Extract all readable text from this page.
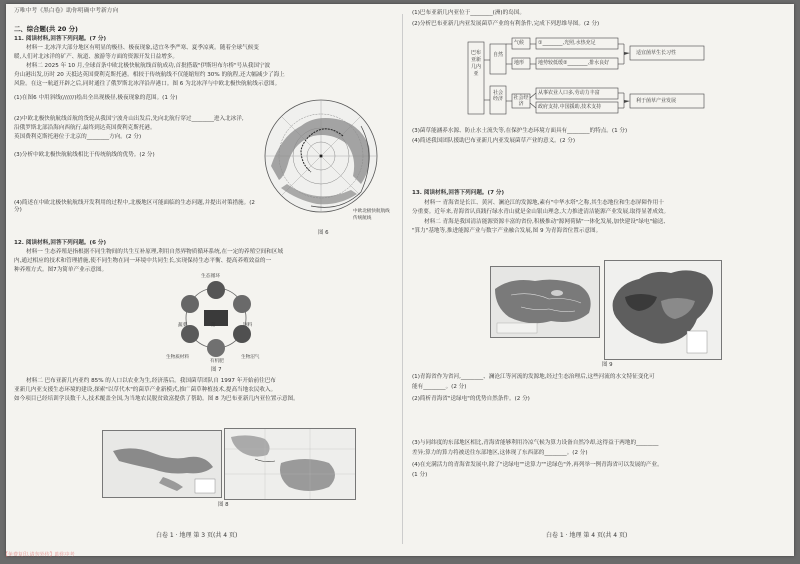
万唯中考《黑白卷》助你明确中考新方向
二、综合题(共 20 分)
11. 阅读材料,回答下列问题。(7 分)
材料一 北冰洋大部分地区有明显的极昼、极夜现象,适宜冬季严寒、夏季凉爽。随着全球气候变
暖,人们对北冰洋的矿产、航道、旅游等方面的资源开发日益增多。
材料二 2025 年 10 月,全球首条中欧北极快航航线首航成功,首批搭载"伊斯坦布尔桥"号从我国宁波
舟山港出发,历时 20 天抵达英国费利克斯托港。相较于传统航线不仅能缩短约 30% 的航程,还大幅减少了海上
风险。在这一航道开辟之后,同时通往了俄罗斯北冰洋沿岸港口。图 6 为北冰洋与中欧北极快航航线示意图。
(1)在图6 中用斜线(//////)绘出全出现极昼,极夜现象的范围。(1 分)
(2)中欧北极快航航线首航的货轮从我国宁波舟山出发后,先向北航行穿过________进入北冰洋,
沿俄罗斯北部沿海向西航行,最终到达英国费利克斯托港。
英国费利克斯托港位于北京的________方向。(2 分)
(3)分析中欧北极快航航线相比于传统航线的优势。(2 分)
(4)简述在中欧北极快航航线开发利用的过程中,北极地区可能面临的生态问题,并提出对策措施。(2 分)	中欧北极快航航线
传统航线
图 6
12. 阅读材料,回答下列问题。(6 分)
材料一 生态养殖是指根据不同生物间的共生互补原理,利用自然界物质循环系统,在一定的养殖空间和区域
内,通过相应的技术和管理措施,使不同生物在同一环境中共同生长,实现保持生态平衡、提高养殖效益的一
种养殖方式。图7为简单产业示意图。
生态循环
蔬菜	猪	饲料
生物质材料
有机肥
生物沼气
图 7
材料二 巴布亚新几内亚约 85% 的人口以农业为生,经济落后。我国菌草团队自 1997 年开始前往巴布
亚新几内亚支援生态环境的建设,探索"以草代木"的菌草产业新模式,推广菌草种植技术,提高当地农民收入。
如今项目已经培训学员数千人,技术覆盖全国,为当地农民脱贫致富提供了帮助。图 8 为巴布亚新几内亚位置示意图。
图 8
白卷 1 · 地理 第 3 页(共 4 页)
(1)巴布亚新几内亚位于________(洲)的岛国。
(2)分析巴布亚新几内亚发展菌草产业的有利条件,完成下列思维导图。(2 分)
巴布亚新几内亚
自然
社会经济
气候
地形
社会经济
①________,光照,水热充足
地势较低缓②________,排水良好
从事农业人口多,劳动力丰富
政府支持,中国援助,技术支持
适宜菌草生长习性
利于菌草产业发展
(3)菌草能涵养水源、防止水土流失等,在保护生态环境方面具有________的特点。(1 分)
(4)简述我国团队援助巴布亚新几内亚发展菌草产业的意义。(2 分)
13. 阅读材料,回答下列问题。(7 分)
材料一 青海省是长江、黄河、澜沧江的发源地,素有"中华水塔"之称,其生态地位和生态屏障作用十
分重要。近年来,青海省认真践行绿水青山就是金山银山理念,大力推进清洁能源产业发展,取得显著成效。
材料二 青海是我国清洁能源资源丰富的省份,积极推动"源网荷储"一体化发展,加快建设"绿电"输送、
"算力"基地等,推进能源产业与数字产业融合发展,图 9 为青海省位置示意图。
图 9
(1)青海省作为省河,________、澜沧江等河流的发源地,经过生态治理后,这些河流的水文特征变化可
能有________。(2 分)
(2)简析青海省"送绿电"的优势自然条件。(2 分)
(3)与同纬度的东部地区相比,青海省能够利用冷凉气候为算力设备自然冷却,这得益于两地的________
差异;算力的算力将被送往东部地区,这体现了东西部的________。(2 分)
(4)在充满活力的青海省发展中,除了"送绿电""送算力""送绿色"外,再列举一例青海省可以发展的产业。
(1 分)
白卷 1 · 地理 第 4 页(共 4 页)
【免费复印,请勿外传】助你中考
